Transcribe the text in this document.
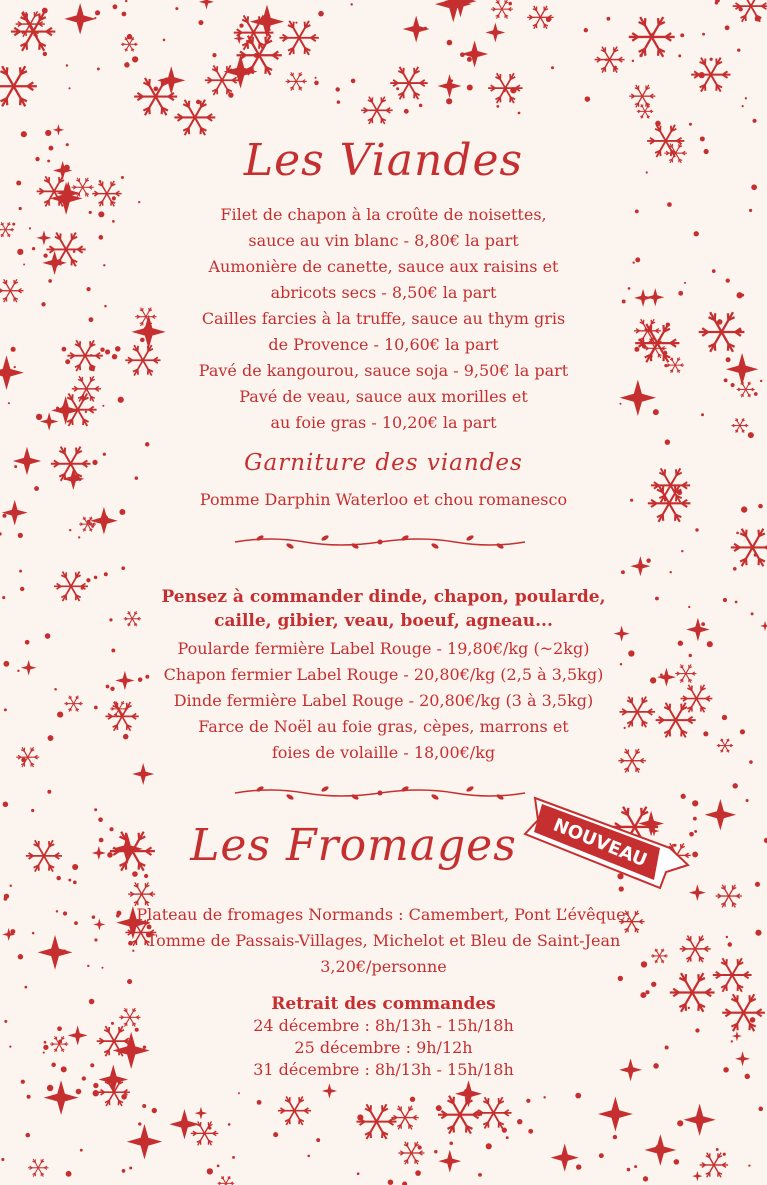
Les Viandes
Filet de chapon à la croûte de noisettes,
sauce au vin blanc - 8,80€ la part
Aumonière de canette, sauce aux raisins et
abricots secs - 8,50€ la part
Cailles farcies à la truffe, sauce au thym gris
de Provence - 10,60€ la part
Pavé de kangourou, sauce soja - 9,50€ la part
Pavé de veau, sauce aux morilles et
au foie gras - 10,20€ la part
Garniture des viandes
Pomme Darphin Waterloo et chou romanesco
Pensez à commander dinde, chapon, poularde,
caille, gibier, veau, boeuf, agneau...
Poularde fermière Label Rouge - 19,80€/kg (~2kg)
Chapon fermier Label Rouge - 20,80€/kg (2,5 à 3,5kg)
Dinde fermière Label Rouge - 20,80€/kg (3 à 3,5kg)
Farce de Noël au foie gras, cèpes, marrons et
foies de volaille - 18,00€/kg
Les Fromages	NOUVEAU
Plateau de fromages Normands : Camembert, Pont L’évêque,
Tomme de Passais-Villages, Michelot et Bleu de Saint-Jean
3,20€/personne
Retrait des commandes
24 décembre : 8h/13h - 15h/18h
25 décembre : 9h/12h
31 décembre : 8h/13h - 15h/18h
